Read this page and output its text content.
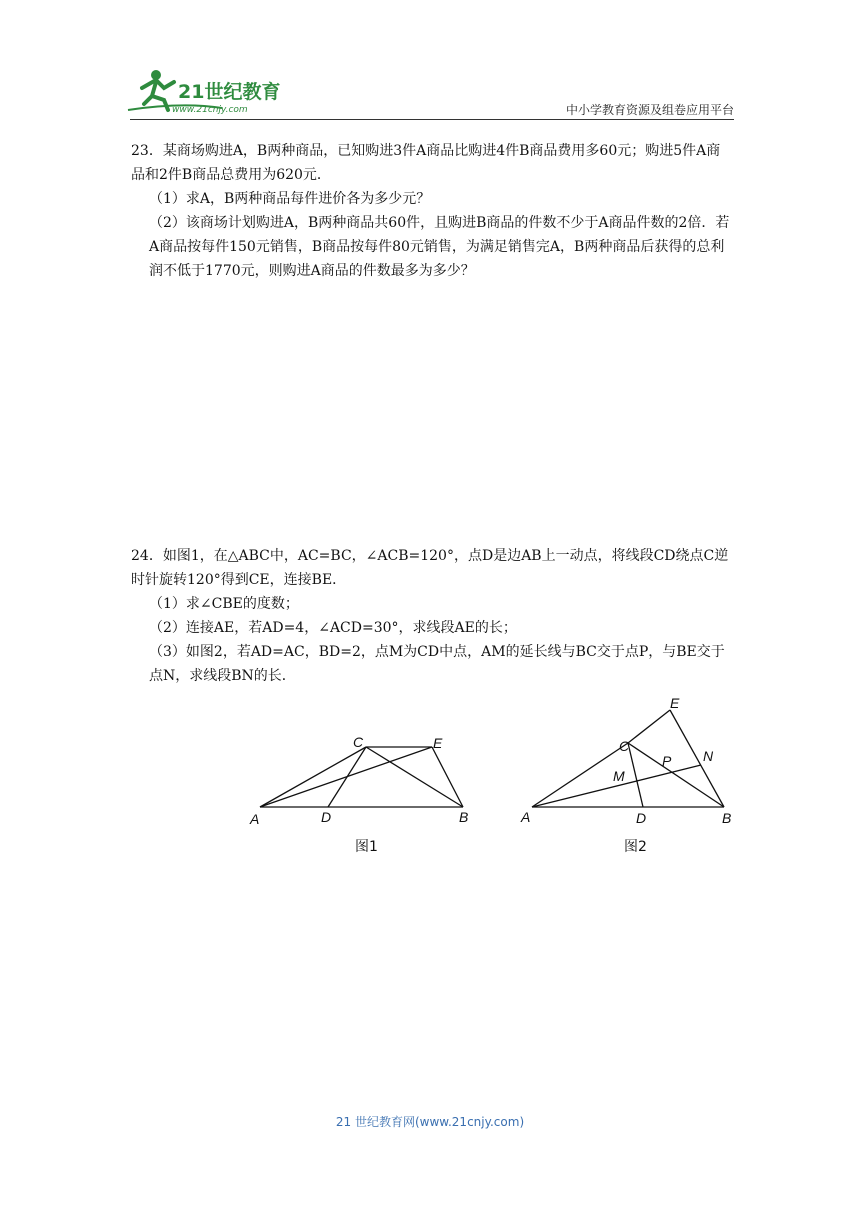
21世纪教育
www.21cnjy.com	中小学教育资源及组卷应用平台

23．某商场购进A，B两种商品，已知购进3件A商品比购进4件B商品费用多60元；购进5件A商品和2件B商品总费用为620元．

（1）求A，B两种商品每件进价各为多少元？

（2）该商场计划购进A，B两种商品共60件，且购进B商品的件数不少于A商品件数的2倍．若A商品按每件150元销售，B商品按每件80元销售，为满足销售完A，B两种商品后获得的总利润不低于1770元，则购进A商品的件数最多为多少？

24．如图1，在△ABC中，AC=BC，∠ACB=120°，点D是边AB上一动点，将线段CD绕点C逆时针旋转120°得到CE，连接BE．

（1）求∠CBE的度数；

（2）连接AE，若AD=4，∠ACD=30°，求线段AE的长；

（3）如图2，若AD=AC，BD=2，点M为CD中点，AM的延长线与BC交于点P，与BE交于点N，求线段BN的长．

A	B
C
D
E
图1
A	B
C
D
E
M
N
P
图2
21 世纪教育网(www.21cnjy.com)
